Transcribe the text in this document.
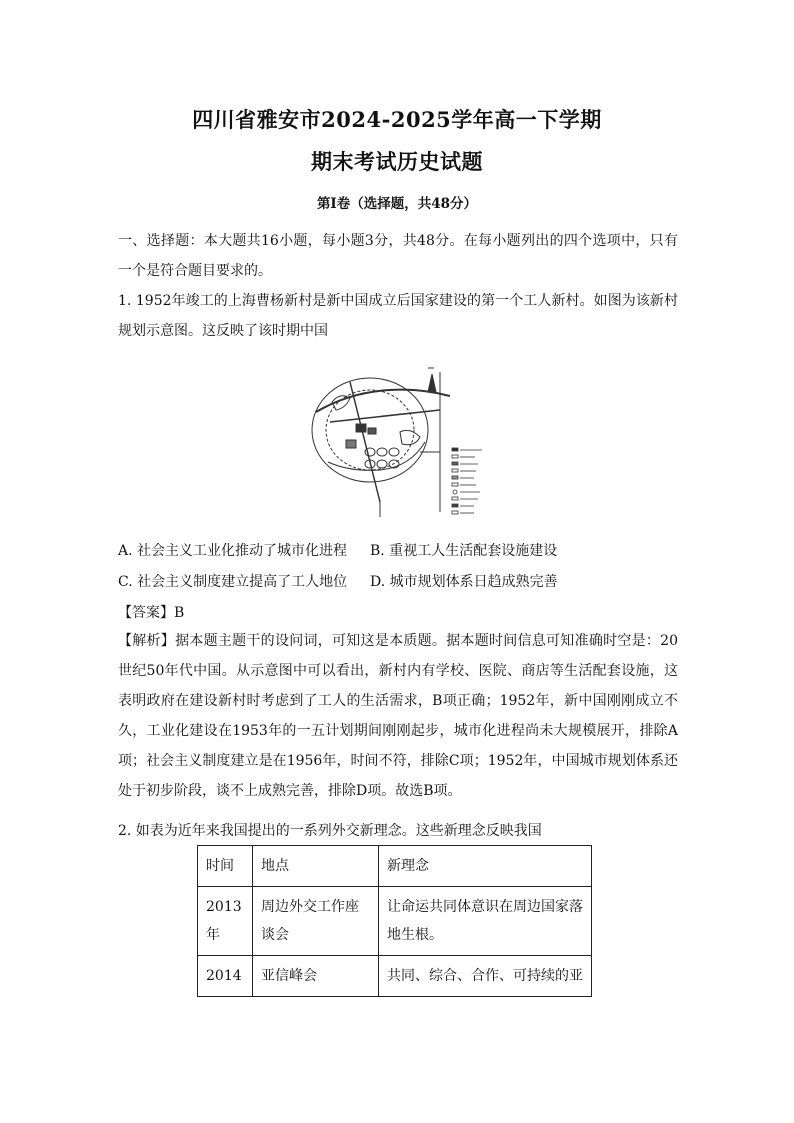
四川省雅安市2024-2025学年高一下学期
期末考试历史试题
第Ⅰ卷（选择题，共48分）
一、选择题：本大题共16小题，每小题3分，共48分。在每小题列出的四个选项中，只有一个是符合题目要求的。
1. 1952年竣工的上海曹杨新村是新中国成立后国家建设的第一个工人新村。如图为该新村规划示意图。这反映了该时期中国
A. 社会主义工业化推动了城市化进程 B. 重视工人生活配套设施建设
C. 社会主义制度建立提高了工人地位 D. 城市规划体系日趋成熟完善
【答案】B
【解析】据本题主题干的设问词，可知这是本质题。据本题时间信息可知准确时空是：20世纪50年代中国。从示意图中可以看出，新村内有学校、医院、商店等生活配套设施，这表明政府在建设新村时考虑到了工人的生活需求，B项正确；1952年，新中国刚刚成立不久，工业化建设在1953年的一五计划期间刚刚起步，城市化进程尚未大规模展开，排除A项；社会主义制度建立是在1956年，时间不符，排除C项；1952年，中国城市规划体系还处于初步阶段，谈不上成熟完善，排除D项。故选B项。
2. 如表为近年来我国提出的一系列外交新理念。这些新理念反映我国
时间	地点	新理念
2013年	周边外交工作座谈会	让命运共同体意识在周边国家落地生根。
2014	亚信峰会	共同、综合、合作、可持续的亚
